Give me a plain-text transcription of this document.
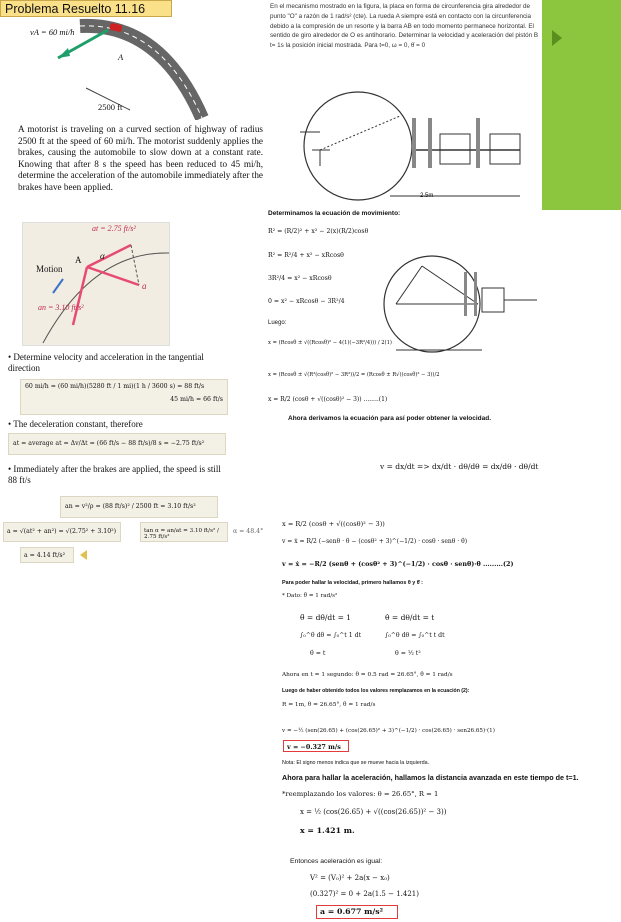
Problema Resuelto 11.16
vA = 60 mi/h
A
2500 ft
A motorist is traveling on a curved section of highway of radius 2500 ft at the speed of 60 mi/h. The motorist suddenly applies the brakes, causing the automobile to slow down at a constant rate. Knowing that after 8 s the speed has been reduced to 45 mi/h, determine the acceleration of the automobile immediately after the brakes have been applied.
at = 2.75 ft/s²
an = 3.10 ft/s²
Motion
A α
a
• Determine velocity and acceleration in the tangential direction
60 mi/h = (60 mi/h)(5280 ft / 1 mi)(1 h / 3600 s) = 88 ft/s
45 mi/h = 66 ft/s
• The deceleration constant, therefore
at = average at = Δv/Δt = (66 ft/s − 88 ft/s)/8 s = −2.75 ft/s²
• Immediately after the brakes are applied, the speed is still 88 ft/s
an = v²/ρ = (88 ft/s)² / 2500 ft = 3.10 ft/s²
a = √(at² + an²) = √(2.75² + 3.10²)	tan α = an/at = 3.10 ft/s² / 2.75 ft/s²
α = 48.4°
a = 4.14 ft/s²
En el mecanismo mostrado en la figura, la placa en forma de circunferencia gira alrededor de punto "O" a razón de 1 rad/s² (cte). La rueda A siempre está en contacto con la circunferencia debido a la compresión de un resorte y la barra AB en todo momento permanece horizontal. El sentido de giro alrededor de O es antihorario. Determinar la velocidad y aceleración del pistón B t= 1s la posición inicial mostrada. Para t=0, ω = 0, θ̇ = 0
2.5m
Determinamos la ecuación de movimiento:
R² = (R/2)² + x² − 2(x)(R/2)cosθ
R² = R²/4 + x² − xRcosθ
3R²/4 = x² − xRcosθ
0 = x² − xRcosθ − 3R²/4
Luego:
x = (Rcosθ ± √((Rcosθ)² − 4(1)(−3R²/4))) / 2(1)
x = (Rcosθ ± √(R²(cosθ)² − 3R²))/2 = (Rcosθ ± R√((cosθ)² − 3))/2
x = R/2 (cosθ + √((cosθ)² − 3)) ........(1)
Ahora derivamos la ecuación para así poder obtener la velocidad.
v = dx/dt => dx/dt · dθ/dθ = dx/dθ · dθ/dt
x = R/2 (cosθ + √((cosθ)² − 3))
v = ẋ = R/2 (−senθ · θ̇ − (cosθ² + 3)^(−1/2) · cosθ · senθ · θ̇)
v = ẋ = −R/2 (senθ + (cosθ² + 3)^(−1/2) · cosθ · senθ)·θ̇ .........(2)
Para poder hallar la velocidad, primero hallamos θ y θ̇ :
* Dato: θ̈ = 1 rad/s²
θ̈ = dθ̇/dt = 1	θ̇ = dθ/dt = t
∫₀^θ̇ dθ̇ = ∫₀^t 1 dt	∫₀^θ dθ = ∫₀^t t dt
θ̇ = t	θ = ½ t²
Ahora en t = 1 segundo: θ = 0.5 rad = 26.65°, θ̇ = 1 rad/s
Luego de haber obtenido todos los valores remplazamos en la ecuación (2):
R = 1m, θ = 26.65°, θ̇ = 1 rad/s
v = −½ (sen(26.65) + (cos(26.65)² + 3)^(−1/2) · cos(26.65) · sen26.65)·(1)
v = −0.327 m/s
Nota: El signo menos indica que se mueve hacia la izquierda.
Ahora para hallar la aceleración, hallamos la distancia avanzada en este tiempo de t=1.
*reemplazando los valores: θ = 26.65°, R = 1
x = ½ (cos(26.65) + √((cos(26.65))² − 3))
x = 1.421 m.
Entonces aceleración es igual:
V² = (V₀)² + 2a(x − x₀)
(0.327)² = 0 + 2a(1.5 − 1.421)
a = 0.677 m/s²
